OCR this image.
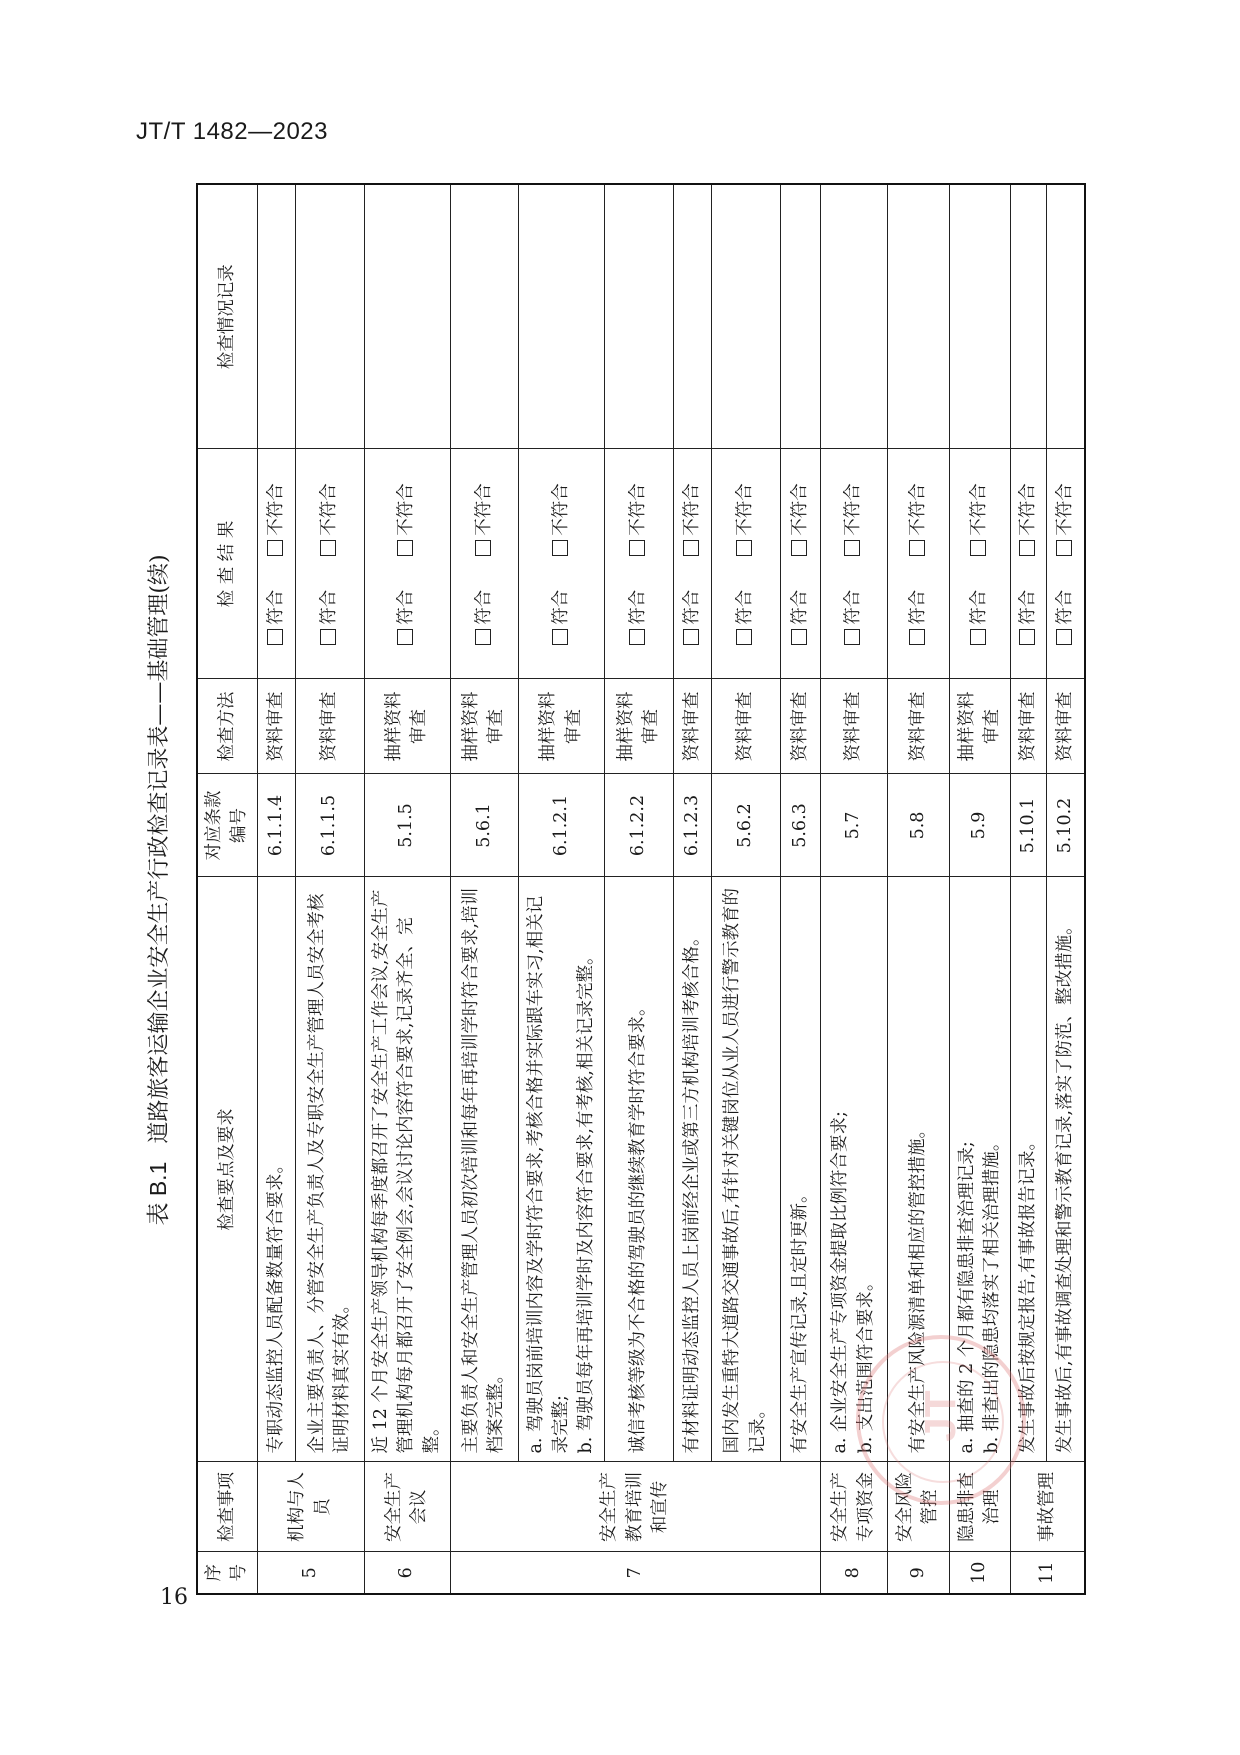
JT/T 1482—2023
表 B.1道路旅客运输企业安全生产行政检查记录表——基础管理(续)
序号	检查事项	检查要点及要求	对应条款编号	检查方法	检 查 结 果	检查情况记录
5	机构与人员	专职动态监控人员配备数量符合要求。	6.1.1.4	资料审查	符合不符合	

		企业主要负责人、分管安全生产负责人及专职安全生产管理人员安全考核证明材料真实有效。	6.1.1.5	资料审查	符合不符合	
6	安全生产会议	近 12 个月安全生产领导机构每季度都召开了安全生产工作会议,安全生产管理机构每月都召开了安全例会,会议讨论内容符合要求,记录齐全、完整。	5.1.5	抽样资料审查	符合不符合	
7	安全生产教育培训和宣传	主要负责人和安全生产管理人员初次培训和每年再培训学时符合要求,培训档案完整。	5.6.1	抽样资料审查	符合不符合	

		a. 驾驶员岗前培训内容及学时符合要求,考核合格并实际跟车实习,相关记录完整; b. 驾驶员每年再培训学时及内容符合要求,有考核,相关记录完整。	6.1.2.1	抽样资料审查	符合不符合	

		诚信考核等级为不合格的驾驶员的继续教育学时符合要求。	6.1.2.2	抽样资料审查	符合不符合	

		有材料证明动态监控人员上岗前经企业或第三方机构培训考核合格。	6.1.2.3	资料审查	符合不符合	

		国内发生重特大道路交通事故后,有针对关键岗位从业人员进行警示教育的记录。	5.6.2	资料审查	符合不符合	

		有安全生产宣传记录,且定时更新。	5.6.3	资料审查	符合不符合	
8	安全生产专项资金	a. 企业安全生产专项资金提取比例符合要求; b. 支出范围符合要求。	5.7	资料审查	符合不符合	
9	安全风险管控	有安全生产风险源清单和相应的管控措施。	5.8	资料审查	符合不符合	
10	隐患排查治理	a. 抽查的 2 个月都有隐患排查治理记录; b. 排查出的隐患均落实了相关治理措施。	5.9	抽样资料审查	符合不符合	
11	事故管理	发生事故后按规定报告,有事故报告记录。	5.10.1	资料审查	符合不符合	

		发生事故后,有事故调查处理和警示教育记录,落实了防范、整改措施。	5.10.2	资料审查	符合不符合	
JT
16
